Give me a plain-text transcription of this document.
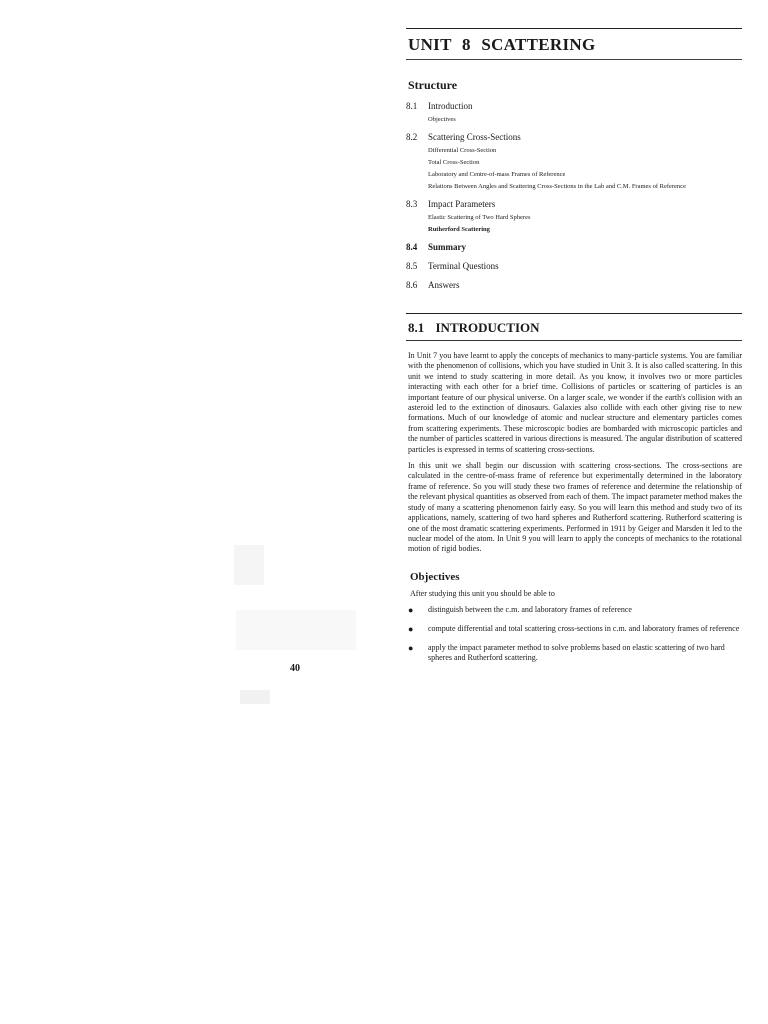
40
UNIT 8 SCATTERING
Structure
8.1	Introduction
Objectives
8.2	Scattering Cross-Sections
Differential Cross-Section
Total Cross-Section
Laboratory and Centre-of-mass Frames of Reference
Relations Between Angles and Scattering Cross-Sections in the Lab and C.M. Frames of Reference
8.3	Impact Parameters
Elastic Scattering of Two Hard Spheres
Rutherford Scattering
8.4	Summary
8.5	Terminal Questions
8.6	Answers
8.1 INTRODUCTION

In Unit 7 you have learnt to apply the concepts of mechanics to many-particle systems. You are familiar with the phenomenon of collisions, which you have studied in Unit 3. It is also called scattering. In this unit we intend to study scattering in more detail. As you know, it involves two or more particles interacting with each other for a brief time. Collisions of particles or scattering of particles is an important feature of our physical universe. On a larger scale, we wonder if the earth's collision with an asteroid led to the extinction of dinosaurs. Galaxies also collide with each other giving rise to new formations. Much of our knowledge of atomic and nuclear structure and elementary particles comes from scattering experiments. These microscopic bodies are bombarded with microscopic particles and the number of particles scattered in various directions is measured. The angular distribution of scattered particles is expressed in terms of scattering cross-sections.

In this unit we shall begin our discussion with scattering cross-sections. The cross-sections are calculated in the centre-of-mass frame of reference but experimentally determined in the laboratory frame of reference. So you will study these two frames of reference and determine the relationship of the relevant physical quantities as observed from each of them. The impact parameter method makes the study of many a scattering phenomenon fairly easy. So you will learn this method and study two of its applications, namely, scattering of two hard spheres and Rutherford scattering. Rutherford scattering is one of the most dramatic scattering experiments. Performed in 1911 by Geiger and Marsden it led to the nuclear model of the atom. In Unit 9 you will learn to apply the concepts of mechanics to the rotational motion of rigid bodies.

Objectives
After studying this unit you should be able to
●	distinguish between the c.m. and laboratory frames of reference
●	compute differential and total scattering cross-sections in c.m. and laboratory frames of reference
●	apply the impact parameter method to solve problems based on elastic scattering of two hard spheres and Rutherford scattering.
